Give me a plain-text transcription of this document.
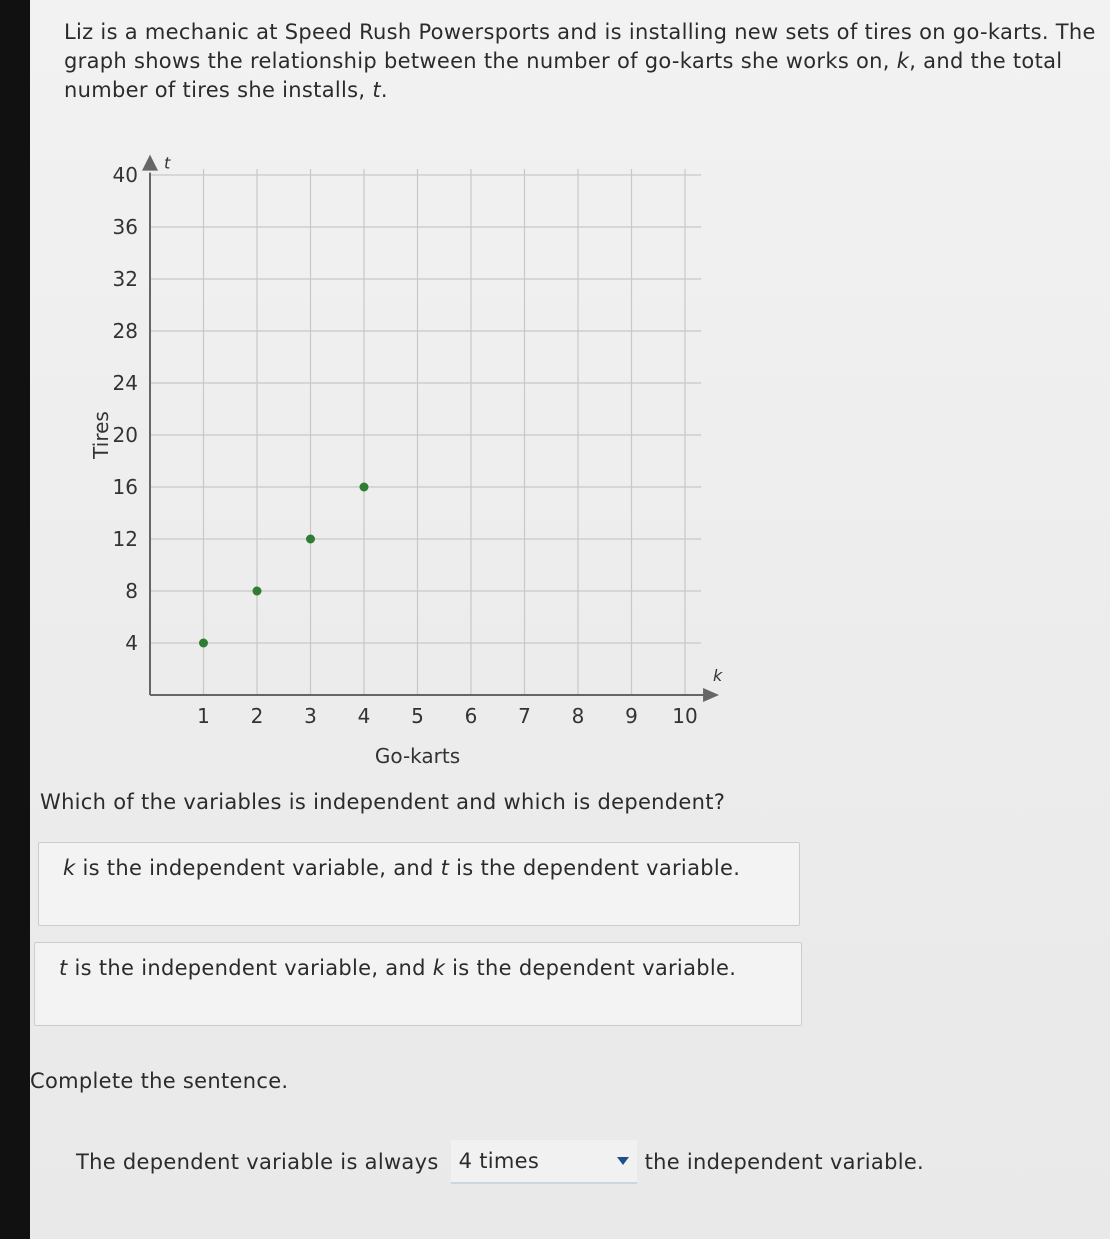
Liz is a mechanic at Speed Rush Powersports and is installing new sets of tires on go-karts. The graph shows the relationship between the number of go-karts she works on, k, and the total number of tires she installs, t.
k
t
1 2 3 4 5 6 7 8 9 10
4
8
12
16
20
24
28
32
36
40
Go-karts
Tires
Which of the variables is independent and which is dependent?
k is the independent variable, and t is the dependent variable.
t is the independent variable, and k is the dependent variable.
Complete the sentence.
The dependent variable is always 4 times	the independent variable.
